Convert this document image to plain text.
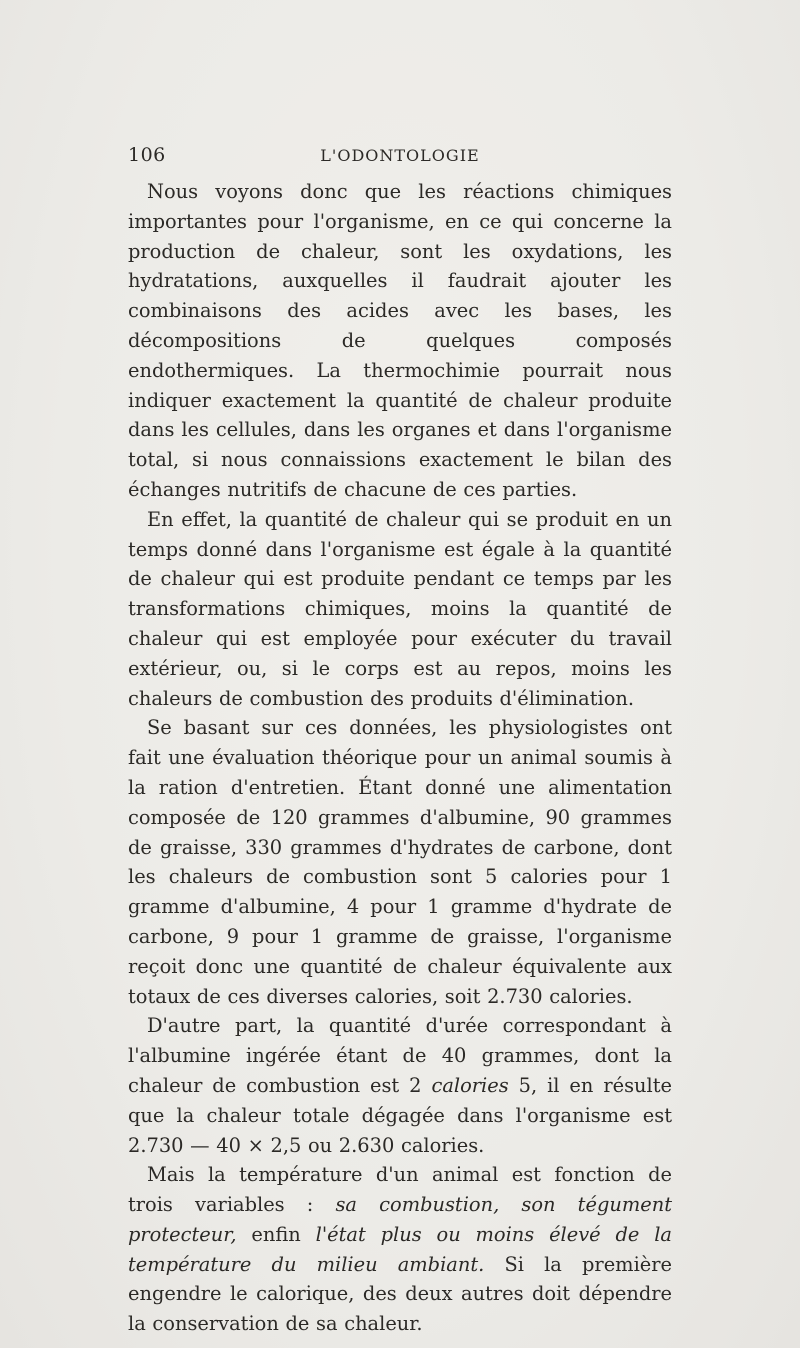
106	L'ODONTOLOGIE

Nous voyons donc que les réactions chimiques importantes pour l'organisme, en ce qui concerne la production de chaleur, sont les oxydations, les hydratations, auxquelles il faudrait ajouter les combinaisons des acides avec les bases, les décompositions de quelques composés endothermiques. La thermochimie pourrait nous indiquer exactement la quantité de chaleur produite dans les cellules, dans les organes et dans l'organisme total, si nous connaissions exactement le bilan des échanges nutritifs de chacune de ces parties.

En effet, la quantité de chaleur qui se produit en un temps donné dans l'organisme est égale à la quantité de chaleur qui est produite pendant ce temps par les transformations chimiques, moins la quantité de chaleur qui est employée pour exécuter du travail extérieur, ou, si le corps est au repos, moins les chaleurs de combustion des produits d'élimination.

Se basant sur ces données, les physiologistes ont fait une évaluation théorique pour un animal soumis à la ration d'entretien. Étant donné une alimentation composée de 120 grammes d'albumine, 90 grammes de graisse, 330 grammes d'hydrates de carbone, dont les chaleurs de combustion sont 5 calories pour 1 gramme d'albumine, 4 pour 1 gramme d'hydrate de carbone, 9 pour 1 gramme de graisse, l'organisme reçoit donc une quantité de chaleur équivalente aux totaux de ces diverses calories, soit 2.730 calories.

D'autre part, la quantité d'urée correspondant à l'albumine ingérée étant de 40 grammes, dont la chaleur de combustion est 2 calories 5, il en résulte que la chaleur totale dégagée dans l'organisme est 2.730 — 40 × 2,5 ou 2.630 calories.

Mais la température d'un animal est fonction de trois variables : sa combustion, son tégument protecteur, enfin l'état plus ou moins élevé de la température du milieu ambiant. Si la première engendre le calorique, des deux autres doit dépendre la conservation de sa chaleur.
